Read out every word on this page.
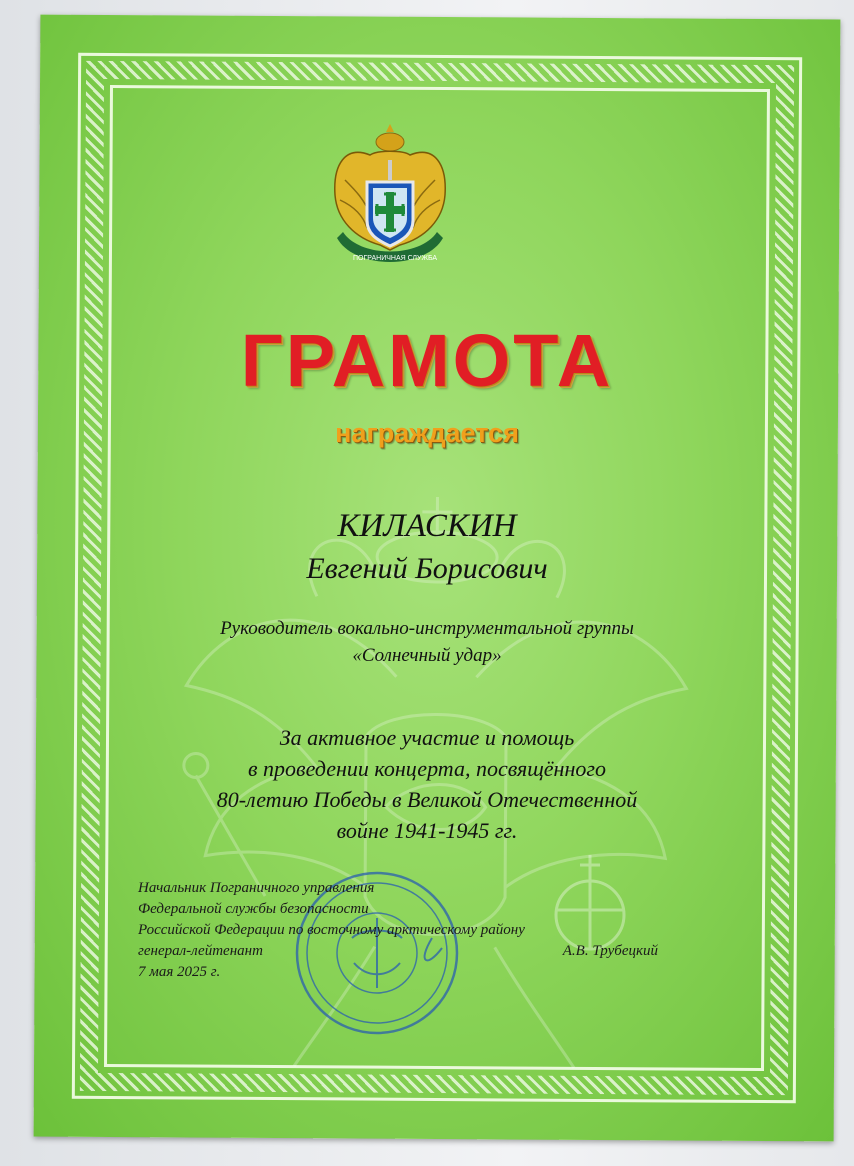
ПОГРАНИЧНАЯ СЛУЖБА
ГРАМОТА
награждается
КИЛАСКИН
Евгений Борисович
Руководитель вокально-инструментальной группы
«Солнечный удар»
За активное участие и помощь
в проведении концерта, посвящённого
80-летию Победы в Великой Отечественной
войне 1941-1945 гг.
Начальник Пограничного управления
Федеральной службы безопасности
Российской Федерации по восточному арктическому району
генерал-лейтенант	А.В. Трубецкий
7 мая 2025 г.
